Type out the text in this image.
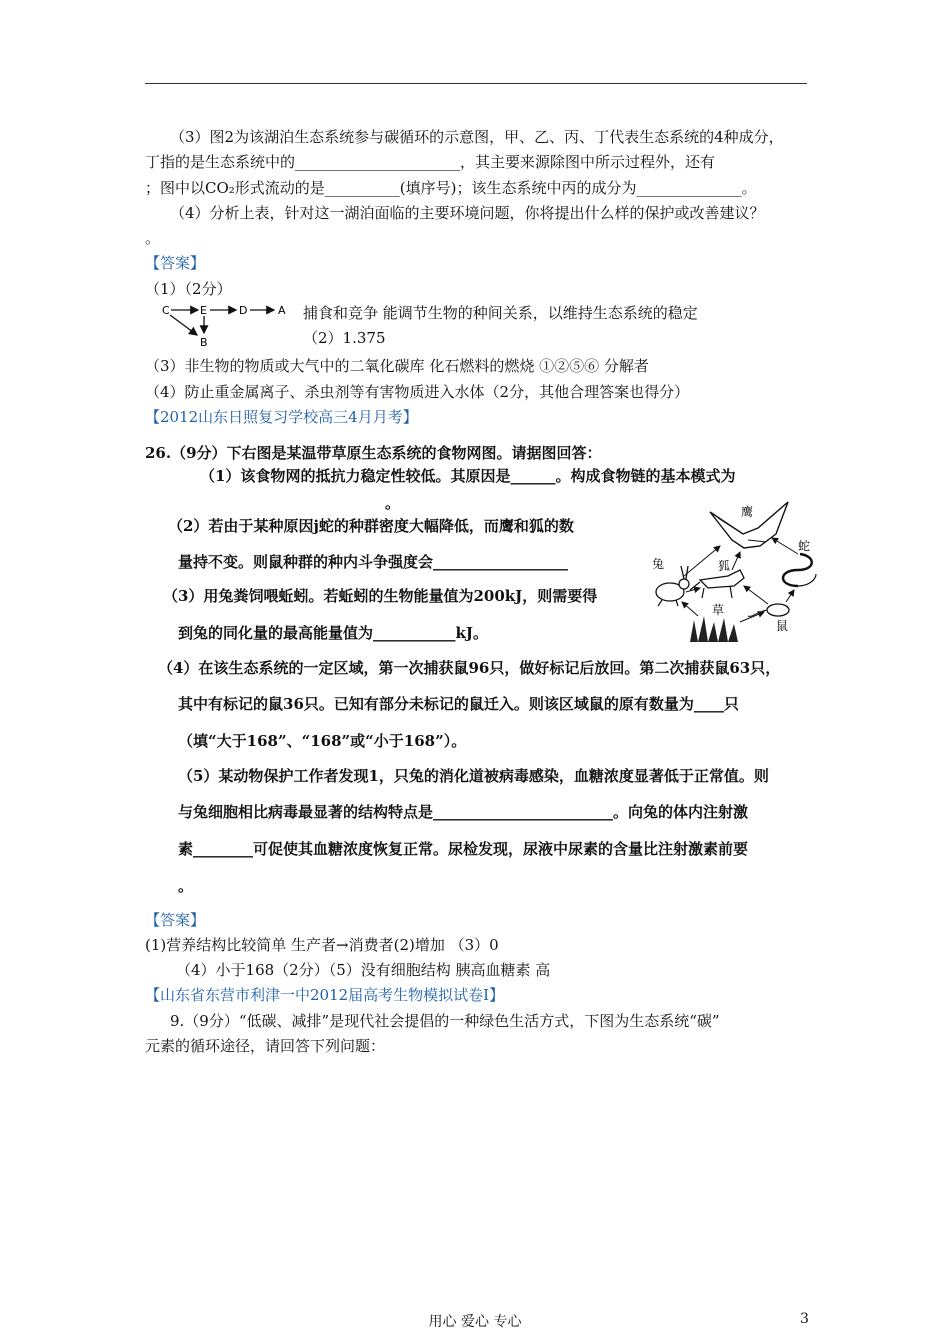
（3）图2为该湖泊生态系统参与碳循环的示意图，甲、乙、丙、丁代表生态系统的4种成分，
丁指的是生态系统中的______________________，其主要来源除图中所示过程外，还有
；图中以CO₂形式流动的是__________(填序号)；该生态系统中丙的成分为______________。
（4）分析上表，针对这一湖泊面临的主要环境问题，你将提出什么样的保护或改善建议？
。
【答案】
（1）（2分）
捕食和竞争 能调节生物的种间关系，以维持生态系统的稳定
（2）1.375
（3）非生物的物质或大气中的二氧化碳库 化石燃料的燃烧 ①②⑤⑥ 分解者
（4）防止重金属离子、杀虫剂等有害物质进入水体（2分，其他合理答案也得分）
【2012山东日照复习学校高三4月月考】
26.（9分）下右图是某温带草原生态系统的食物网图。请据图回答：
（1）该食物网的抵抗力稳定性较低。其原因是______。构成食物链的基本模式为
。
（2）若由于某种原因j蛇的种群密度大幅降低，而鹰和狐的数
量持不变。则鼠种群的种内斗争强度会__________________
（3）用兔粪饲喂蚯蚓。若蚯蚓的生物能量值为200kJ，则需要得
到兔的同化量的最高能量值为___________kJ。
（4）在该生态系统的一定区域，第一次捕获鼠96只，做好标记后放回。第二次捕获鼠63只，
其中有标记的鼠36只。已知有部分未标记的鼠迁入。则该区域鼠的原有数量为____只
（填“大于168”、“168”或“小于168”）。
（5）某动物保护工作者发现1，只兔的消化道被病毒感染，血糖浓度显著低于正常值。则
与兔细胞相比病毒最显著的结构特点是________________________。向兔的体内注射激
素________可促使其血糖浓度恢复正常。尿检发现，尿液中尿素的含量比注射激素前要
。
【答案】
(1)营养结构比较简单 生产者→消费者(2)增加 （3）0
（4）小于168（2分）（5）没有细胞结构 胰高血糖素 高
【山东省东营市利津一中2012届高考生物模拟试卷Ⅰ】
9.（9分）“低碳、减排”是现代社会提倡的一种绿色生活方式，下图为生态系统“碳”
元素的循环途径，请回答下列问题：
C	E	D	A
B
鹰
兔	狐
蛇
鼠
草
用心 爱心 专心	3
